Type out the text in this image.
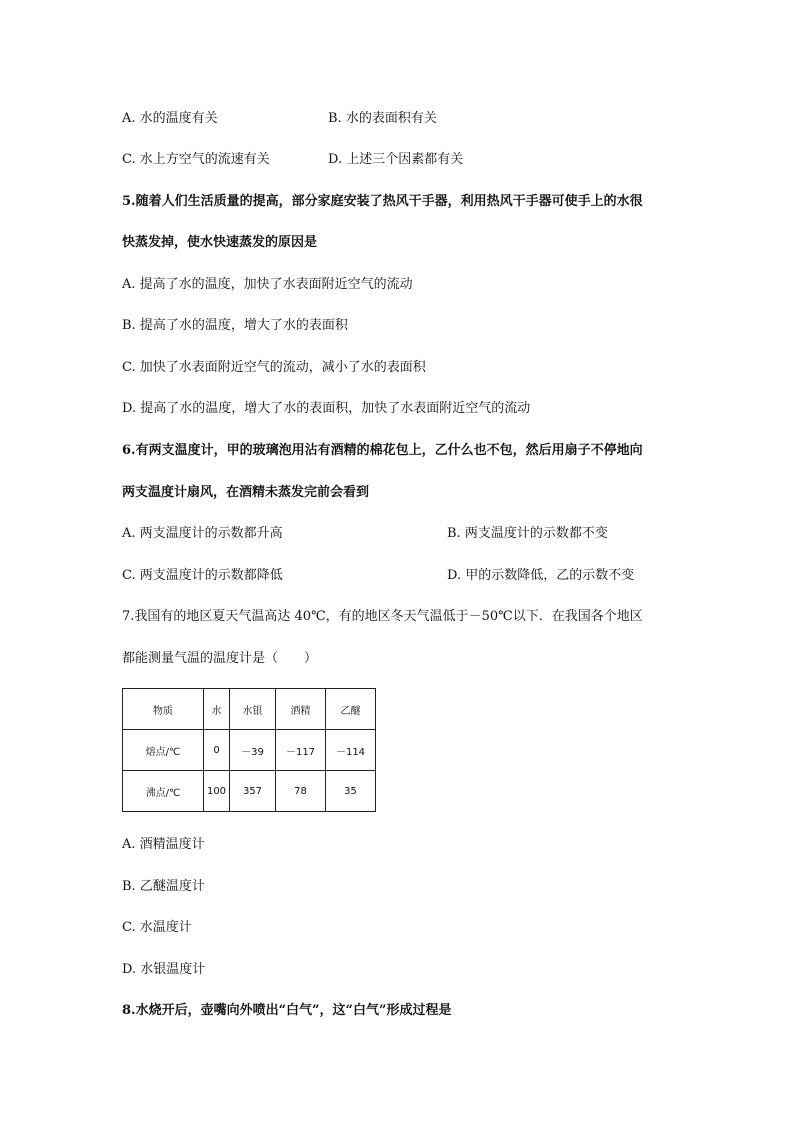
A. 水的温度有关	B. 水的表面积有关
C. 水上方空气的流速有关	D. 上述三个因素都有关
5.随着人们生活质量的提高，部分家庭安装了热风干手器，利用热风干手器可使手上的水很
快蒸发掉，使水快速蒸发的原因是
A. 提高了水的温度，加快了水表面附近空气的流动
B. 提高了水的温度，增大了水的表面积
C. 加快了水表面附近空气的流动，减小了水的表面积
D. 提高了水的温度，增大了水的表面积，加快了水表面附近空气的流动
6.有两支温度计，甲的玻璃泡用沾有酒精的棉花包上，乙什么也不包，然后用扇子不停地向
两支温度计扇风，在酒精未蒸发完前会看到
A. 两支温度计的示数都升高	B. 两支温度计的示数都不变
C. 两支温度计的示数都降低	D. 甲的示数降低，乙的示数不变
7.我国有的地区夏天气温高达 40℃，有的地区冬天气温低于－50℃以下．在我国各个地区
都能测量气温的温度计是（　　）
物质	水	水银	酒精	乙醚
熔点/℃	0	－39	－117	－114
沸点/℃	100	357	78	35
A. 酒精温度计
B. 乙醚温度计
C. 水温度计
D. 水银温度计
8.水烧开后，壶嘴向外喷出“白气”，这“白气”形成过程是
